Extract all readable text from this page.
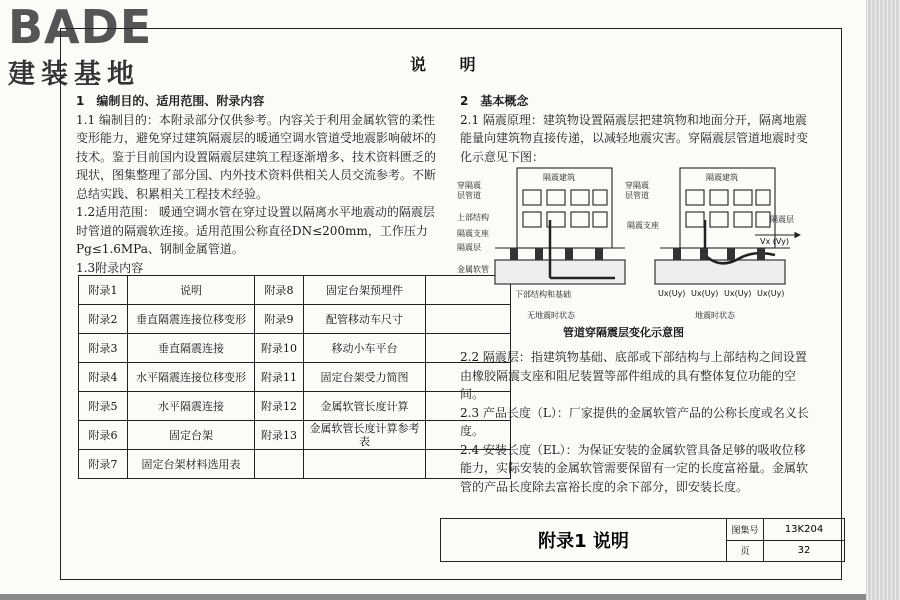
BADE
建装基地	说 明
1　编制目的、适用范围、附录内容
1.1 编制目的：本附录部分仅供参考。内容关于利用金属软管的柔性变形能力，避免穿过建筑隔震层的暖通空调水管道受地震影响破坏的技术。鉴于目前国内设置隔震层建筑工程逐渐增多、技术资料匮乏的现状，图集整理了部分国、内外技术资料供相关人员交流参考。不断总结实践、积累相关工程技术经验。
1.2适用范围： 暖通空调水管在穿过设置以隔离水平地震动的隔震层时管道的隔震软连接。适用范围公称直径DN≤200mm，工作压力Pg≤1.6MPa、钢制金属管道。
1.3附录内容
附录1	说明	附录8	固定台架预埋件	
附录2	垂直隔震连接位移变形	附录9	配管移动车尺寸	
附录3	垂直隔震连接	附录10	移动小车平台	
附录4	水平隔震连接位移变形	附录11	固定台架受力简图	
附录5	水平隔震连接	附录12	金属软管长度计算	
附录6	固定台架	附录13	金属软管长度计算参考表	
附录7	固定台架材料选用表			
2　基本概念
2.1 隔震原理：建筑物设置隔震层把建筑物和地面分开，隔离地震能量向建筑物直接传递，以减轻地震灾害。穿隔震层管道地震时变化示意见下图：
隔震建筑	隔震建筑
穿隔震
层管道
上部结构
隔震支座
隔震层
金属软管
下部结构和基础
穿隔震
层管道
隔震支座
隔震层
Vx (Vy)
Ux(Uy) Ux(Uy) Ux(Uy) Ux(Uy)
无地震时状态	地震时状态
管道穿隔震层变化示意图
2.2 隔震层：指建筑物基础、底部或下部结构与上部结构之间设置由橡胶隔震支座和阻尼装置等部件组成的具有整体复位功能的空间。
2.3 产品长度（L）：厂家提供的金属软管产品的公称长度或名义长度。
2.4 安装长度（EL）：为保证安装的金属软管具备足够的吸收位移能力，实际安装的金属软管需要保留有一定的长度富裕量。金属软管的产品长度除去富裕长度的余下部分，即安装长度。
附录1 说明	图集号	13K204
	页	32
